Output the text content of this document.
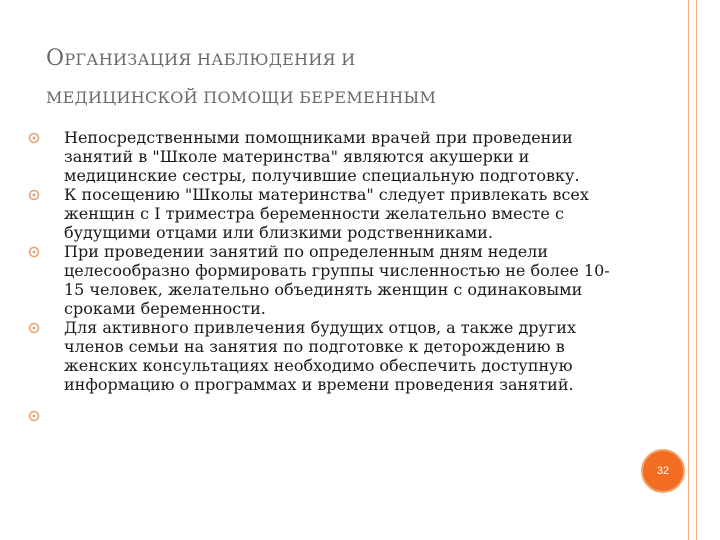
ОРГАНИЗАЦИЯ НАБЛЮДЕНИЯ И
МЕДИЦИНСКОЙ ПОМОЩИ БЕРЕМЕННЫМ
Непосредственными помощниками врачей при проведении занятий в "Школе материнства" являются акушерки и медицинские сестры, получившие специальную подготовку.
К посещению "Школы материнства" следует привлекать всех женщин с I триместра беременности желательно вместе с будущими отцами или близкими родственниками.
При проведении занятий по определенным дням недели целесообразно формировать группы численностью не более 10-15 человек, желательно объединять женщин с одинаковыми сроками беременности.
Для активного привлечения будущих отцов, а также других членов семьи на занятия по подготовке к деторождению в женских консультациях необходимо обеспечить доступную информацию о программах и времени проведения занятий.
32
